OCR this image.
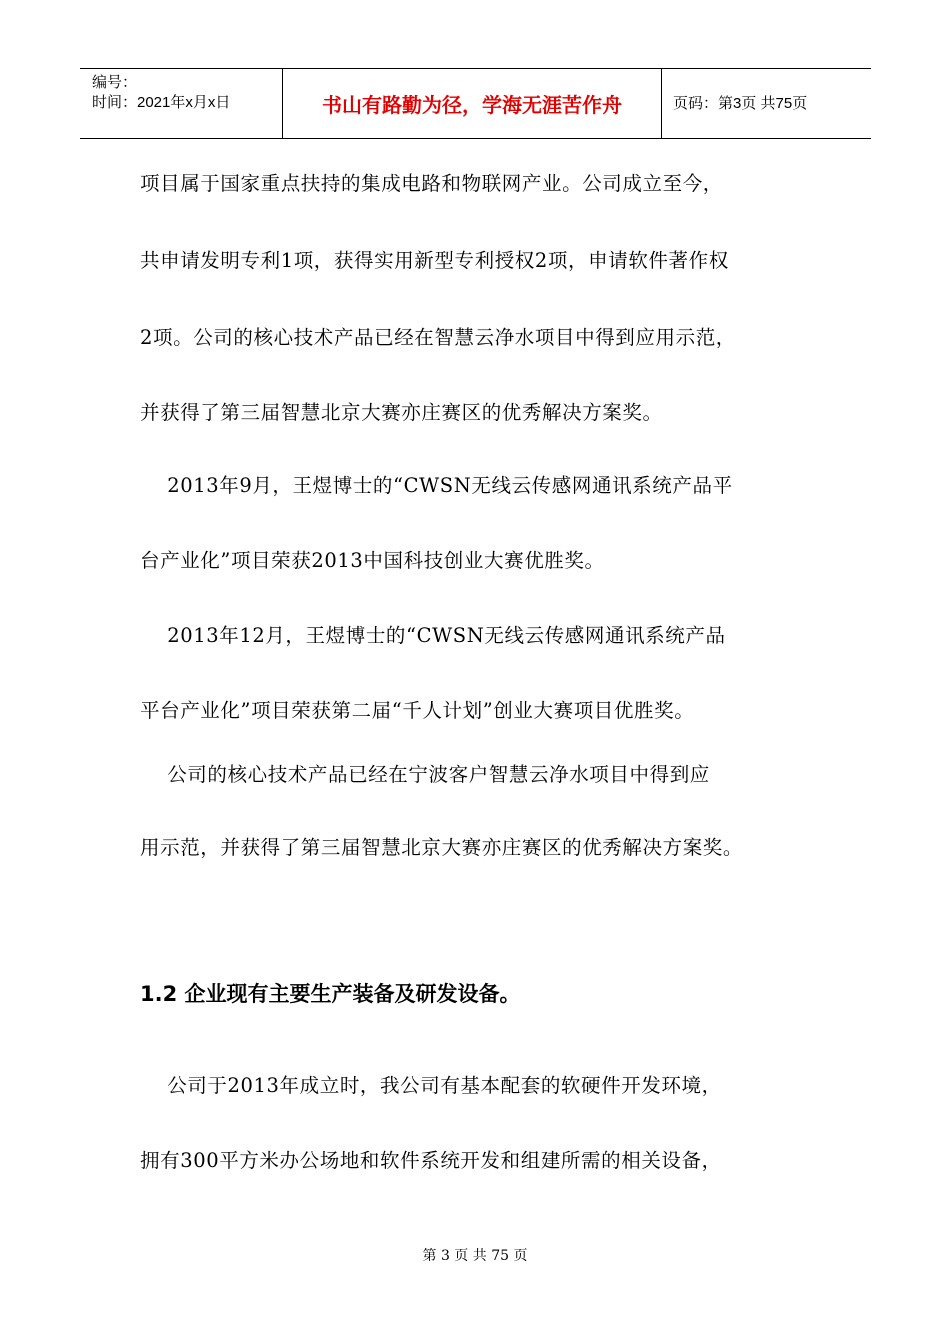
编号：
时间：2021年x月x日	书山有路勤为径，学海无涯苦作舟	页码：第3页 共75页
项目属于国家重点扶持的集成电路和物联网产业。公司成立至今，
共申请发明专利1项，获得实用新型专利授权2项，申请软件著作权
2项。公司的核心技术产品已经在智慧云净水项目中得到应用示范，
并获得了第三届智慧北京大赛亦庄赛区的优秀解决方案奖。
2013年9月，王煜博士的“CWSN无线云传感网通讯系统产品平
台产业化”项目荣获2013中国科技创业大赛优胜奖。
2013年12月，王煜博士的“CWSN无线云传感网通讯系统产品
平台产业化”项目荣获第二届“千人计划”创业大赛项目优胜奖。
公司的核心技术产品已经在宁波客户智慧云净水项目中得到应
用示范，并获得了第三届智慧北京大赛亦庄赛区的优秀解决方案奖。
1.2 企业现有主要生产装备及研发设备。
公司于2013年成立时，我公司有基本配套的软硬件开发环境，
拥有300平方米办公场地和软件系统开发和组建所需的相关设备，
第 3 页 共 75 页
